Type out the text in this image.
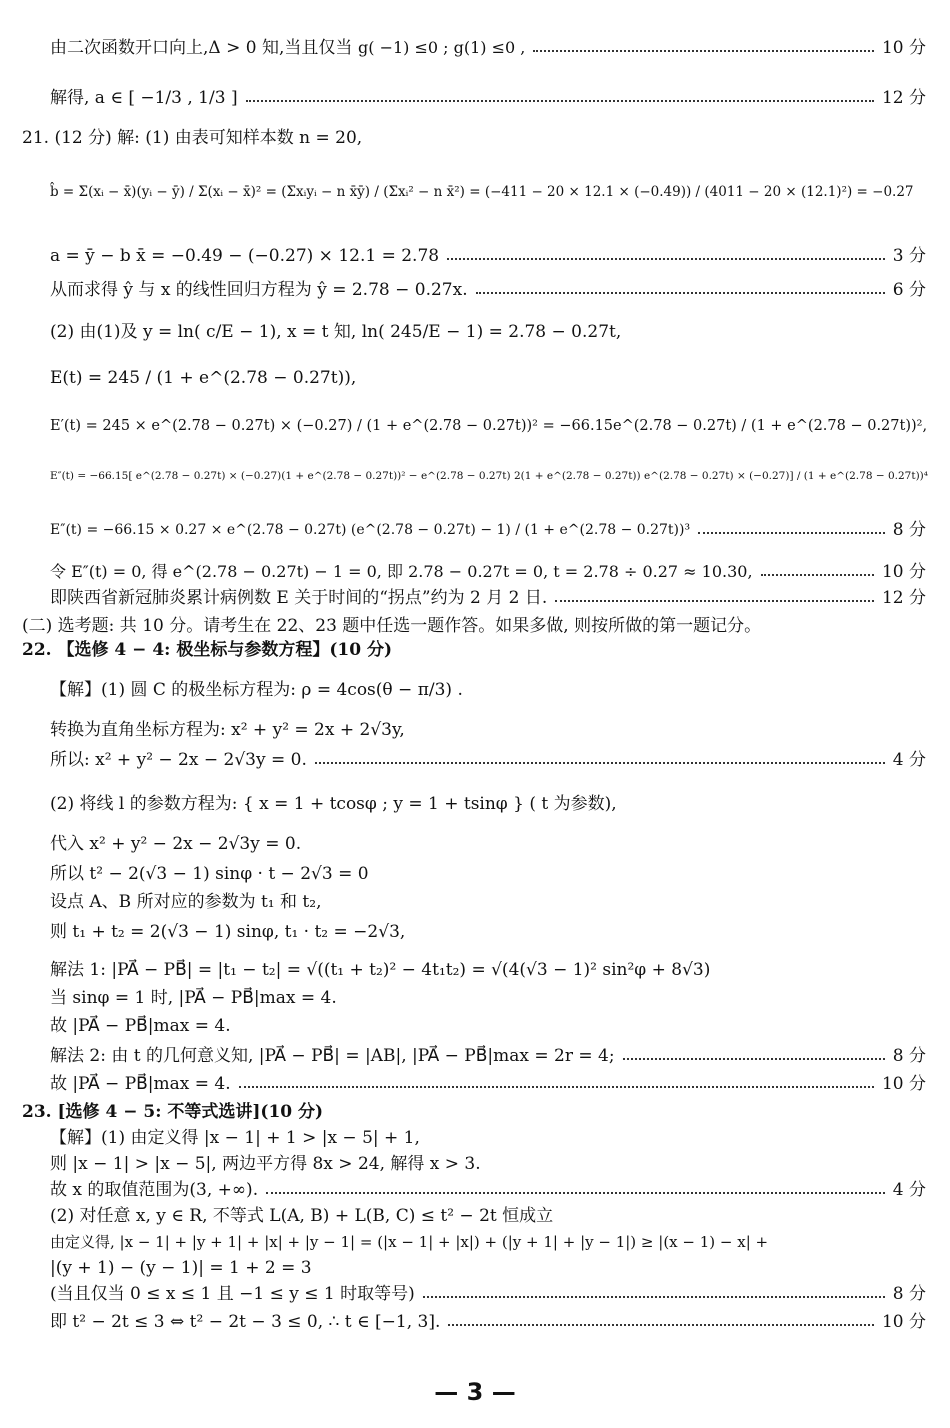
由二次函数开口向上,Δ > 0 知,当且仅当 g( −1) ≤0 ; g(1) ≤0 ,	10 分
解得, a ∈ [ −1/3 , 1/3 ]	12 分
21. (12 分) 解: (1) 由表可知样本数 n = 20,
b̂ = Σ(xᵢ − x̄)(yᵢ − ȳ) / Σ(xᵢ − x̄)² = (Σxᵢyᵢ − n x̄ȳ) / (Σxᵢ² − n x̄²) = (−411 − 20 × 12.1 × (−0.49)) / (4011 − 20 × (12.1)²) = −0.27
a = ȳ − b x̄ = −0.49 − (−0.27) × 12.1 = 2.78	3 分
从而求得 ŷ 与 x 的线性回归方程为 ŷ = 2.78 − 0.27x.	6 分
(2) 由(1)及 y = ln( c/E − 1), x = t 知, ln( 245/E − 1) = 2.78 − 0.27t,
E(t) = 245 / (1 + e^(2.78 − 0.27t)),
E′(t) = 245 × e^(2.78 − 0.27t) × (−0.27) / (1 + e^(2.78 − 0.27t))² = −66.15e^(2.78 − 0.27t) / (1 + e^(2.78 − 0.27t))²,
E″(t) = −66.15[ e^(2.78 − 0.27t) × (−0.27)(1 + e^(2.78 − 0.27t))² − e^(2.78 − 0.27t) 2(1 + e^(2.78 − 0.27t)) e^(2.78 − 0.27t) × (−0.27)] / (1 + e^(2.78 − 0.27t))⁴
E″(t) = −66.15 × 0.27 × e^(2.78 − 0.27t) (e^(2.78 − 0.27t) − 1) / (1 + e^(2.78 − 0.27t))³	8 分
令 E″(t) = 0, 得 e^(2.78 − 0.27t) − 1 = 0, 即 2.78 − 0.27t = 0, t = 2.78 ÷ 0.27 ≈ 10.30,	10 分
即陕西省新冠肺炎累计病例数 E 关于时间的“拐点”约为 2 月 2 日.	12 分
(二) 选考题: 共 10 分。请考生在 22、23 题中任选一题作答。如果多做, 则按所做的第一题记分。
22. 【选修 4 − 4: 极坐标与参数方程】(10 分)
【解】(1) 圆 C 的极坐标方程为: ρ = 4cos(θ − π/3) .
转换为直角坐标方程为: x² + y² = 2x + 2√3y,
所以: x² + y² − 2x − 2√3y = 0.	4 分
(2) 将线 l 的参数方程为: { x = 1 + tcosφ ; y = 1 + tsinφ } ( t 为参数),
代入 x² + y² − 2x − 2√3y = 0.
所以 t² − 2(√3 − 1) sinφ · t − 2√3 = 0
设点 A、B 所对应的参数为 t₁ 和 t₂,
则 t₁ + t₂ = 2(√3 − 1) sinφ, t₁ · t₂ = −2√3,
解法 1: |PA⃗ − PB⃗| = |t₁ − t₂| = √((t₁ + t₂)² − 4t₁t₂) = √(4(√3 − 1)² sin²φ + 8√3)
当 sinφ = 1 时, |PA⃗ − PB⃗|max = 4.
故 |PA⃗ − PB⃗|max = 4.
解法 2: 由 t 的几何意义知, |PA⃗ − PB⃗| = |AB|, |PA⃗ − PB⃗|max = 2r = 4;	8 分
故 |PA⃗ − PB⃗|max = 4.	10 分
23. [选修 4 − 5: 不等式选讲](10 分)
【解】(1) 由定义得 |x − 1| + 1 > |x − 5| + 1,
则 |x − 1| > |x − 5|, 两边平方得 8x > 24, 解得 x > 3.
故 x 的取值范围为(3, +∞).	4 分
(2) 对任意 x, y ∈ R, 不等式 L(A, B) + L(B, C) ≤ t² − 2t 恒成立
由定义得, |x − 1| + |y + 1| + |x| + |y − 1| = (|x − 1| + |x|) + (|y + 1| + |y − 1|) ≥ |(x − 1) − x| +
|(y + 1) − (y − 1)| = 1 + 2 = 3
(当且仅当 0 ≤ x ≤ 1 且 −1 ≤ y ≤ 1 时取等号)	8 分
即 t² − 2t ≤ 3 ⇔ t² − 2t − 3 ≤ 0, ∴ t ∈ [−1, 3].	10 分
— 3 —
